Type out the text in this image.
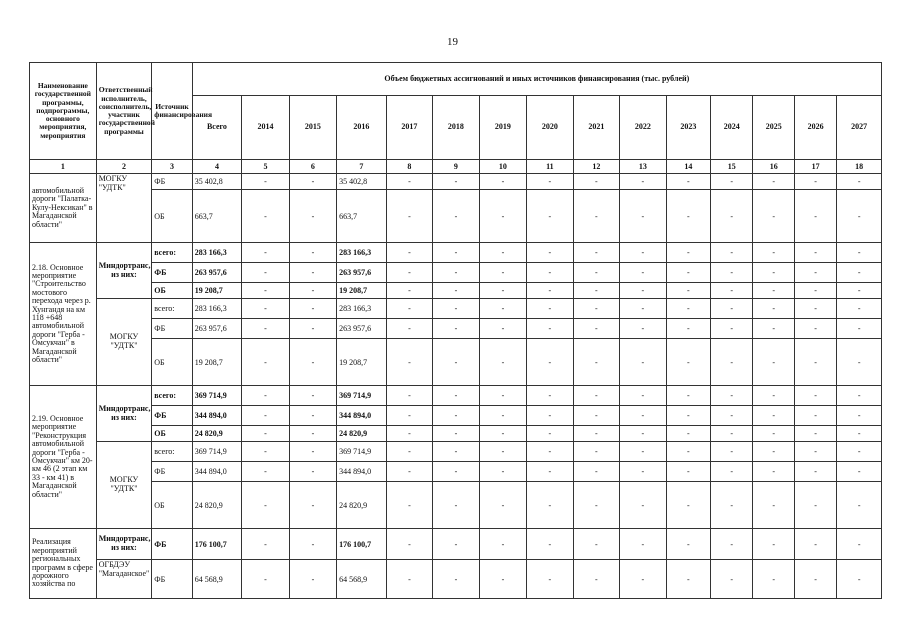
19
Наименование государственной программы, подпрограммы, основного мероприятия, мероприятия	Ответственный исполнитель, соисполнитель, участник государственной программы	Источник финансирования	Объем бюджетных ассигнований и иных источников финансирования (тыс. рублей)														
			Всего	2014	2015	2016	2017	2018	2019	2020	2021	2022	2023	2024	2025	2026	2027
1	2	3	4	5	6	7	8	9	10	11	12	13	14	15	16	17	18
автомобильной дороги "Палатка-Кулу-Нексикан" в Магаданской области"	МОГКУ "УДТК"	ФБ	35 402,8	-	-	35 402,8	-	-	-	-	-	-	-	-	-	-	-
		ОБ	663,7	-	-	663,7	-	-	-	-	-	-	-	-	-	-	-
2.18. Основное мероприятие "Строительство мостового перехода через р. Хунгандя на км 118 +648 автомобильной дороги "Герба - Омсукчан" в Магаданской области"	Миндортранс, из них:	всего:	283 166,3	-	-	283 166,3	-	-	-	-	-	-	-	-	-	-	-
		ФБ	263 957,6	-	-	263 957,6	-	-	-	-	-	-	-	-	-	-	-
		ОБ	19 208,7	-	-	19 208,7	-	-	-	-	-	-	-	-	-	-	-
	МОГКУ "УДТК"	всего:	283 166,3	-	-	283 166,3	-	-	-	-	-	-	-	-	-	-	-
		ФБ	263 957,6	-	-	263 957,6	-	-	-	-	-	-	-	-	-	-	-
		ОБ	19 208,7	-	-	19 208,7	-	-	-	-	-	-	-	-	-	-	-
2.19. Основное мероприятие "Реконструкция автомобильной дороги "Герба - Омсукчан" км 20- км 46 (2 этап км 33 - км 41) в Магаданской области"	Миндортранс, из них:	всего:	369 714,9	-	-	369 714,9	-	-	-	-	-	-	-	-	-	-	-
		ФБ	344 894,0	-	-	344 894,0	-	-	-	-	-	-	-	-	-	-	-
		ОБ	24 820,9	-	-	24 820,9	-	-	-	-	-	-	-	-	-	-	-
	МОГКУ "УДТК"	всего:	369 714,9	-	-	369 714,9	-	-	-	-	-	-	-	-	-	-	-
		ФБ	344 894,0	-	-	344 894,0	-	-	-	-	-	-	-	-	-	-	-
		ОБ	24 820,9	-	-	24 820,9	-	-	-	-	-	-	-	-	-	-	-
Реализация мероприятий региональных программ в сфере дорожного хозяйства по	Миндортранс, из них:	ФБ	176 100,7	-	-	176 100,7	-	-	-	-	-	-	-	-	-	-	-
	ОГБДЭУ "Магаданское"	ФБ	64 568,9	-	-	64 568,9	-	-	-	-	-	-	-	-	-	-	-
